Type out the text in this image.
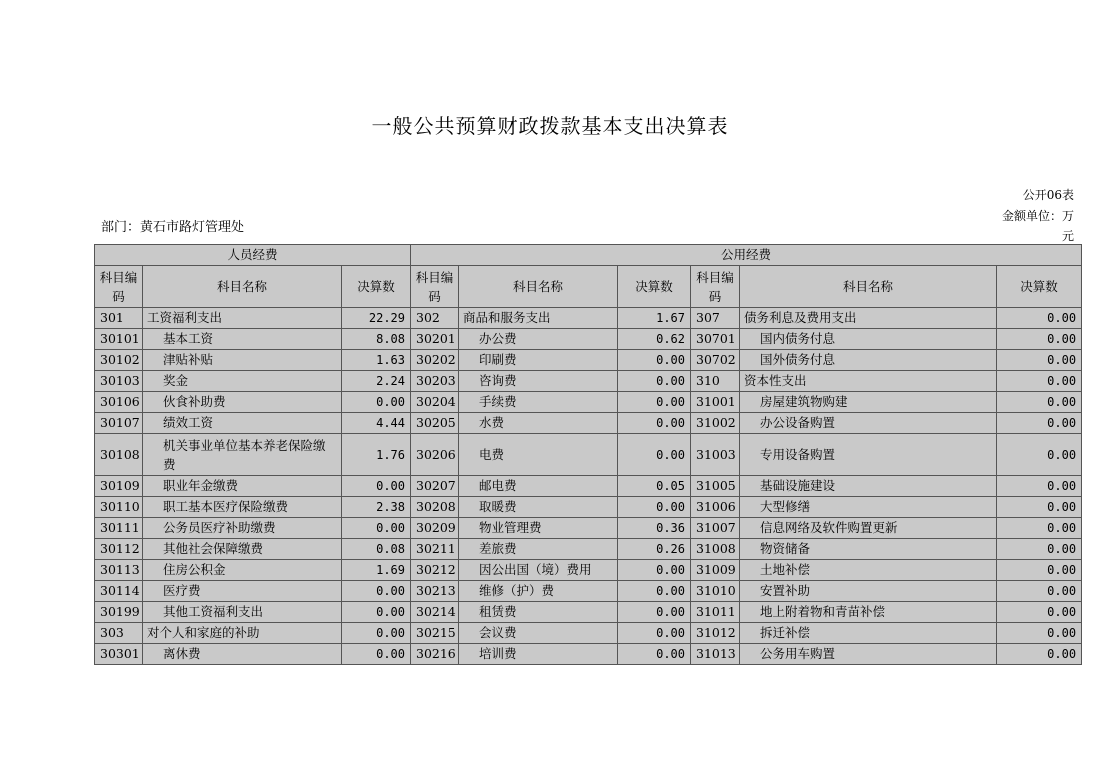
一般公共预算财政拨款基本支出决算表
公开06表
金额单位：万元
部门：黄石市路灯管理处
人员经费			公用经费					
科目编码	科目名称	决算数	科目编码	科目名称	决算数	科目编码	科目名称	决算数
301	工资福利支出	22.29	302	商品和服务支出	1.67	307	债务利息及费用支出	0.00
30101	基本工资	8.08	30201	办公费	0.62	30701	国内债务付息	0.00
30102	津贴补贴	1.63	30202	印刷费	0.00	30702	国外债务付息	0.00
30103	奖金	2.24	30203	咨询费	0.00	310	资本性支出	0.00
30106	伙食补助费	0.00	30204	手续费	0.00	31001	房屋建筑物购建	0.00
30107	绩效工资	4.44	30205	水费	0.00	31002	办公设备购置	0.00
30108	机关事业单位基本养老保险缴费	1.76	30206	电费	0.00	31003	专用设备购置	0.00
30109	职业年金缴费	0.00	30207	邮电费	0.05	31005	基础设施建设	0.00
30110	职工基本医疗保险缴费	2.38	30208	取暖费	0.00	31006	大型修缮	0.00
30111	公务员医疗补助缴费	0.00	30209	物业管理费	0.36	31007	信息网络及软件购置更新	0.00
30112	其他社会保障缴费	0.08	30211	差旅费	0.26	31008	物资储备	0.00
30113	住房公积金	1.69	30212	因公出国（境）费用	0.00	31009	土地补偿	0.00
30114	医疗费	0.00	30213	维修（护）费	0.00	31010	安置补助	0.00
30199	其他工资福利支出	0.00	30214	租赁费	0.00	31011	地上附着物和青苗补偿	0.00
303	对个人和家庭的补助	0.00	30215	会议费	0.00	31012	拆迁补偿	0.00
30301	离休费	0.00	30216	培训费	0.00	31013	公务用车购置	0.00
